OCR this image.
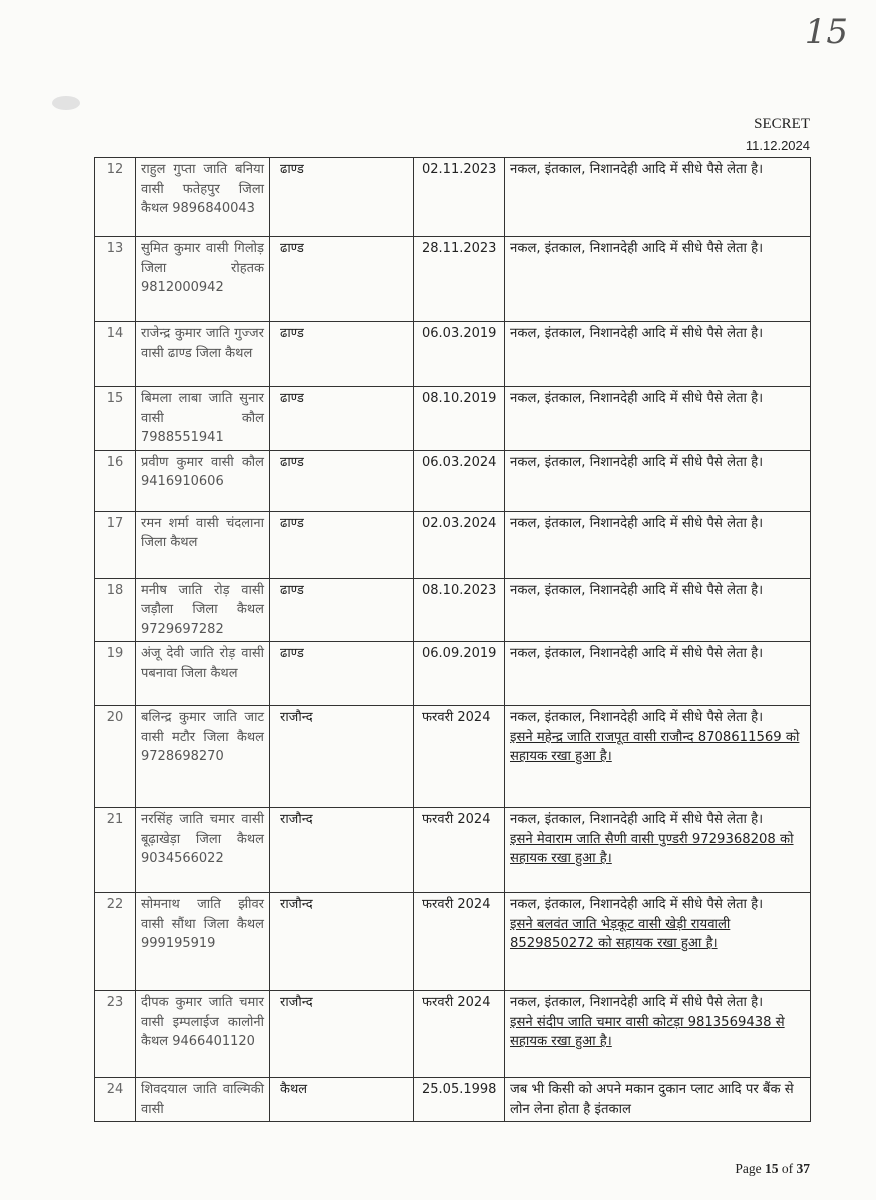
15
SECRET
11.12.2024
12	राहुल गुप्ता जाति बनिया वासी फतेहपुर जिला कैथल 9896840043	ढाण्ड	02.11.2023	नकल, इंतकाल, निशानदेही आदि में सीधे पैसे लेता है।

13	सुमित कुमार वासी गिलोड़ जिला रोहतक 9812000942	ढाण्ड	28.11.2023	नकल, इंतकाल, निशानदेही आदि में सीधे पैसे लेता है।

14	राजेन्द्र कुमार जाति गुज्जर वासी ढाण्ड जिला कैथल	ढाण्ड	06.03.2019	नकल, इंतकाल, निशानदेही आदि में सीधे पैसे लेता है।

15	बिमला लाबा जाति सुनार वासी कौल 7988551941	ढाण्ड	08.10.2019	नकल, इंतकाल, निशानदेही आदि में सीधे पैसे लेता है।

16	प्रवीण कुमार वासी कौल 9416910606	ढाण्ड	06.03.2024	नकल, इंतकाल, निशानदेही आदि में सीधे पैसे लेता है।

17	रमन शर्मा वासी चंदलाना जिला कैथल	ढाण्ड	02.03.2024	नकल, इंतकाल, निशानदेही आदि में सीधे पैसे लेता है।

18	मनीष जाति रोड़ वासी जड़ौला जिला कैथल 9729697282	ढाण्ड	08.10.2023	नकल, इंतकाल, निशानदेही आदि में सीधे पैसे लेता है।

19	अंजू देवी जाति रोड़ वासी पबनावा जिला कैथल	ढाण्ड	06.09.2019	नकल, इंतकाल, निशानदेही आदि में सीधे पैसे लेता है।

20	बलिन्द्र कुमार जाति जाट वासी मटौर जिला कैथल 9728698270	राजौन्द	फरवरी 2024	नकल, इंतकाल, निशानदेही आदि में सीधे पैसे लेता है।
इसने महेन्द्र जाति राजपूत वासी राजौन्द 8708611569 को सहायक रखा हुआ है।

21	नरसिंह जाति चमार वासी बूढ़ाखेड़ा जिला कैथल 9034566022	राजौन्द	फरवरी 2024	नकल, इंतकाल, निशानदेही आदि में सीधे पैसे लेता है।
इसने मेवाराम जाति सैणी वासी पुण्डरी 9729368208 को सहायक रखा हुआ है।

22	सोमनाथ जाति झीवर वासी सौंथा जिला कैथल 999195919	राजौन्द	फरवरी 2024	नकल, इंतकाल, निशानदेही आदि में सीधे पैसे लेता है।
इसने बलवंत जाति भेड़कूट वासी खेड़ी रायवाली 8529850272 को सहायक रखा हुआ है।

23	दीपक कुमार जाति चमार वासी इम्पलाईज कालोनी कैथल 9466401120	राजौन्द	फरवरी 2024	नकल, इंतकाल, निशानदेही आदि में सीधे पैसे लेता है।
इसने संदीप जाति चमार वासी कोटड़ा 9813569438 से सहायक रखा हुआ है।

24	शिवदयाल जाति वाल्मिकी वासी	कैथल	25.05.1998	जब भी किसी को अपने मकान दुकान प्लाट आदि पर बैंक से लोन लेना होता है इंतकाल
Page 15 of 37
